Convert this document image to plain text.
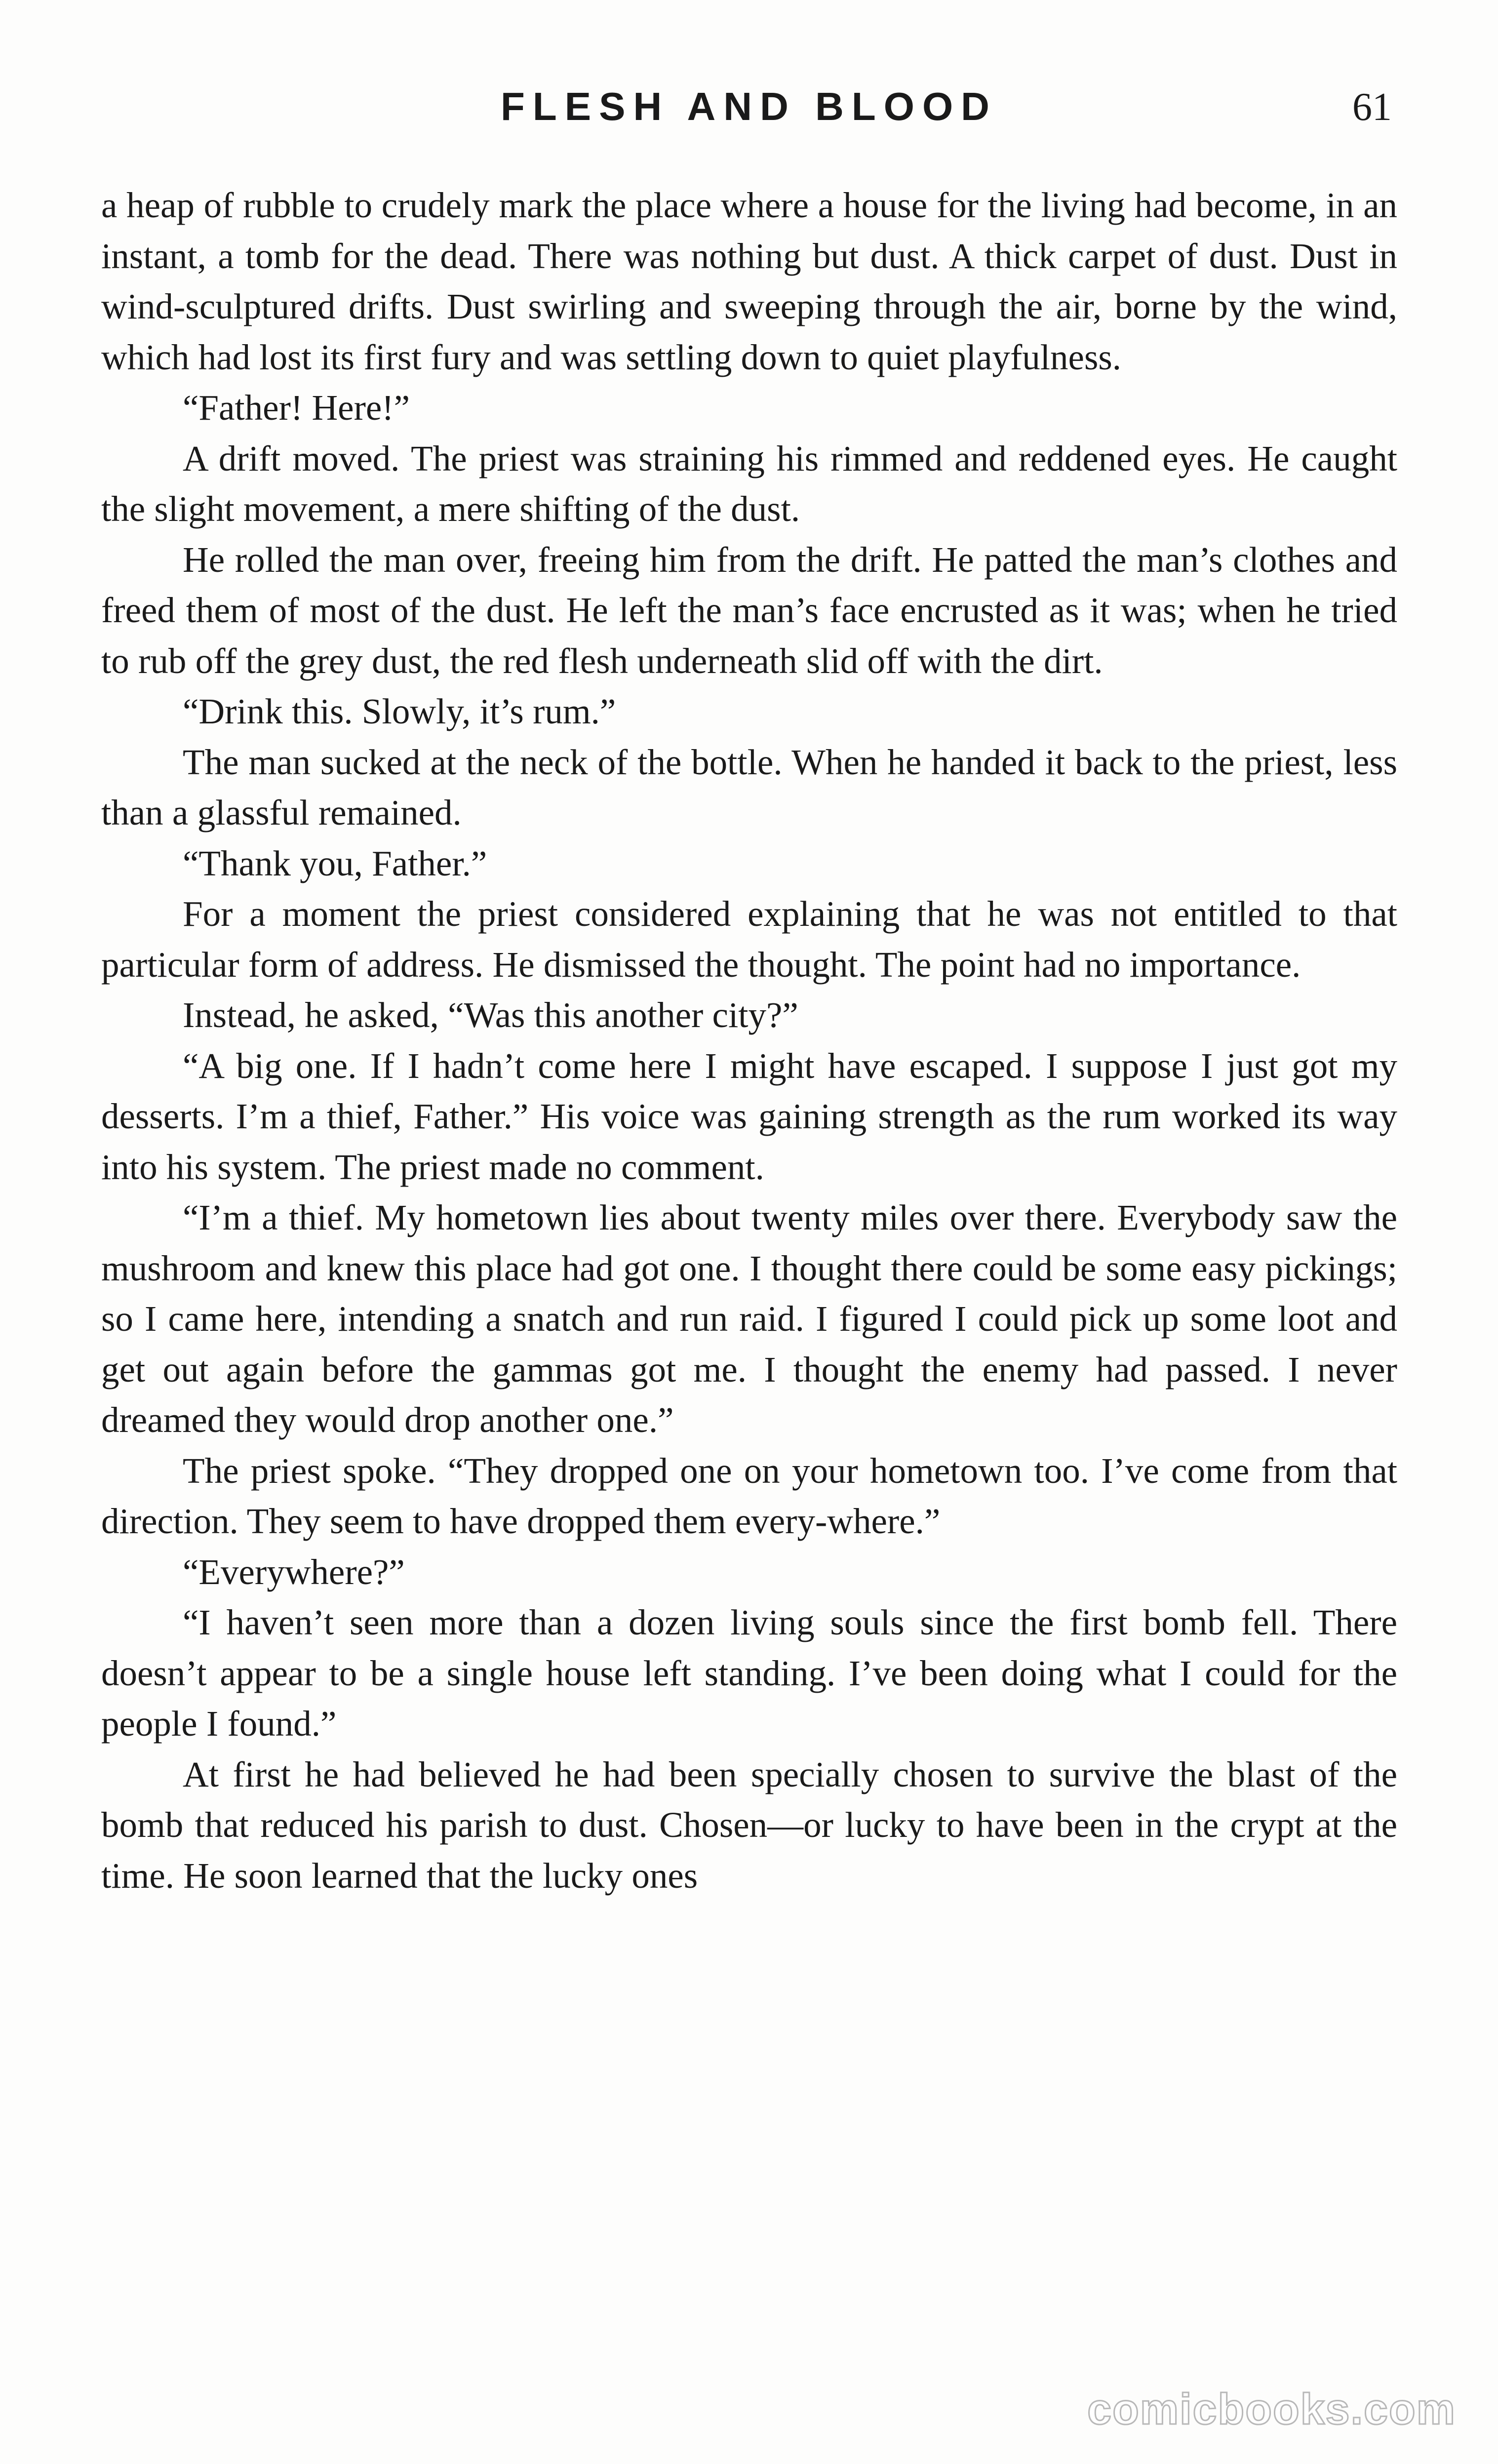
FLESH AND BLOOD	61

a heap of rubble to crudely mark the place where a house for the living had become, in an instant, a tomb for the dead. There was nothing but dust. A thick carpet of dust. Dust in wind-sculptured drifts. Dust swirling and sweeping through the air, borne by the wind, which had lost its first fury and was settling down to quiet playfulness.

“Father! Here!”

A drift moved. The priest was straining his rimmed and reddened eyes. He caught the slight movement, a mere shifting of the dust.

He rolled the man over, freeing him from the drift. He patted the man’s clothes and freed them of most of the dust. He left the man’s face encrusted as it was; when he tried to rub off the grey dust, the red flesh underneath slid off with the dirt.

“Drink this. Slowly, it’s rum.”

The man sucked at the neck of the bottle. When he handed it back to the priest, less than a glassful remained.

“Thank you, Father.”

For a moment the priest considered explaining that he was not entitled to that particular form of address. He dismissed the thought. The point had no importance.

Instead, he asked, “Was this another city?”

“A big one. If I hadn’t come here I might have escaped. I suppose I just got my desserts. I’m a thief, Father.” His voice was gaining strength as the rum worked its way into his system. The priest made no comment.

“I’m a thief. My hometown lies about twenty miles over there. Everybody saw the mushroom and knew this place had got one. I thought there could be some easy pickings; so I came here, intending a snatch and run raid. I figured I could pick up some loot and get out again before the gammas got me. I thought the enemy had passed. I never dreamed they would drop another one.”

The priest spoke. “They dropped one on your hometown too. I’ve come from that direction. They seem to have dropped them every-where.”

“Everywhere?”

“I haven’t seen more than a dozen living souls since the first bomb fell. There doesn’t appear to be a single house left standing. I’ve been doing what I could for the people I found.”

At first he had believed he had been specially chosen to survive the blast of the bomb that reduced his parish to dust. Chosen—or lucky to have been in the crypt at the time. He soon learned that the lucky ones

comicbooks.com
